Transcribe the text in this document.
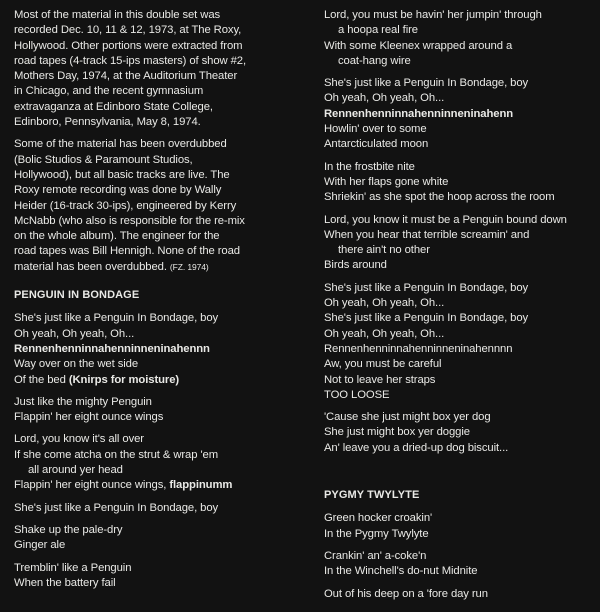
Most of the material in this double set was
recorded Dec. 10, 11 & 12, 1973, at The Roxy,
Hollywood. Other portions were extracted from
road tapes (4-track 15-ips masters) of show #2,
Mothers Day, 1974, at the Auditorium Theater
in Chicago, and the recent gymnasium
extravaganza at Edinboro State College,
Edinboro, Pennsylvania, May 8, 1974.
Some of the material has been overdubbed
(Bolic Studios & Paramount Studios,
Hollywood), but all basic tracks are live. The
Roxy remote recording was done by Wally
Heider (16-track 30-ips), engineered by Kerry
McNabb (who also is responsible for the re-mix
on the whole album). The engineer for the
road tapes was Bill Hennigh. None of the road
material has been overdubbed. (FZ. 1974)
PENGUIN IN BONDAGE
She's just like a Penguin In Bondage, boy
Oh yeah, Oh yeah, Oh...
Rennenhenninnahenninneninahennn
Way over on the wet side
Of the bed (Knirps for moisture)
Just like the mighty Penguin
Flappin' her eight ounce wings
Lord, you know it's all over
If she come atcha on the strut & wrap 'em
all around yer head
Flappin' her eight ounce wings, flappinumm
She's just like a Penguin In Bondage, boy
Shake up the pale-dry
Ginger ale
Tremblin' like a Penguin
When the battery fail
Lord, you must be havin' her jumpin' through
a hoopa real fire
With some Kleenex wrapped around a
coat-hang wire
She's just like a Penguin In Bondage, boy
Oh yeah, Oh yeah, Oh...
Rennenhenninnahenninneninahenn
Howlin' over to some
Antarcticulated moon
In the frostbite nite
With her flaps gone white
Shriekin' as she spot the hoop across the room
Lord, you know it must be a Penguin bound down
When you hear that terrible screamin' and
there ain't no other
Birds around
She's just like a Penguin In Bondage, boy
Oh yeah, Oh yeah, Oh...
She's just like a Penguin In Bondage, boy
Oh yeah, Oh yeah, Oh...
Rennenhenninnahenninneninahennnn
Aw, you must be careful
Not to leave her straps
TOO LOOSE
'Cause she just might box yer dog
She just might box yer doggie
An' leave you a dried-up dog biscuit...
PYGMY TWYLYTE
Green hocker croakin'
In the Pygmy Twylyte
Crankin' an' a-coke'n
In the Winchell's do-nut Midnite
Out of his deep on a 'fore day run
